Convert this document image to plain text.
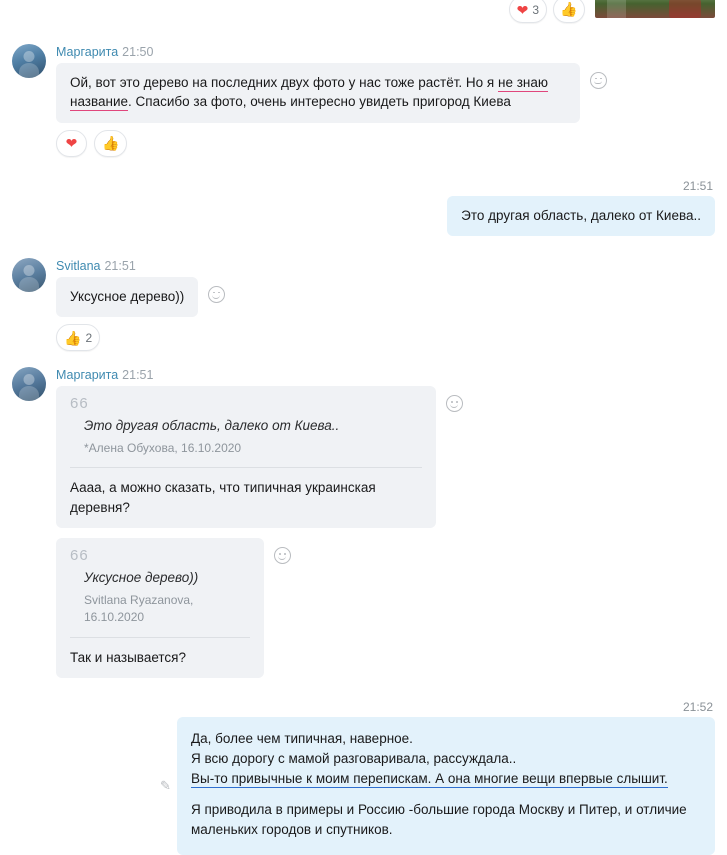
❤ 3 👍
Маргарита 21:50
Ой, вот это дерево на последних двух фото у нас тоже растёт. Но я не знаю название. Спасибо за фото, очень интересно увидеть пригород Киева
❤ 👍
21:51
Это другая область, далеко от Киева..
Svitlana 21:51
Уксусное дерево))
👍 2
Маргарита 21:51
66
Это другая область, далеко от Киева..
*Алена Обухова, 16.10.2020
Аааа, а можно сказать, что типичная украинская деревня?
66
Уксусное дерево))
Svitlana Ryazanova, 16.10.2020
Так и называется?
21:52
Да, более чем типичная, наверное.
Я всю дорогу с мамой разговаривала, рассуждала..
Вы-то привычные к моим перепискам. А она многие вещи впервые слышит.
Я приводила в примеры и Россию -большие города Москву и Питер, и отличие маленьких городов и спутников.
✎
